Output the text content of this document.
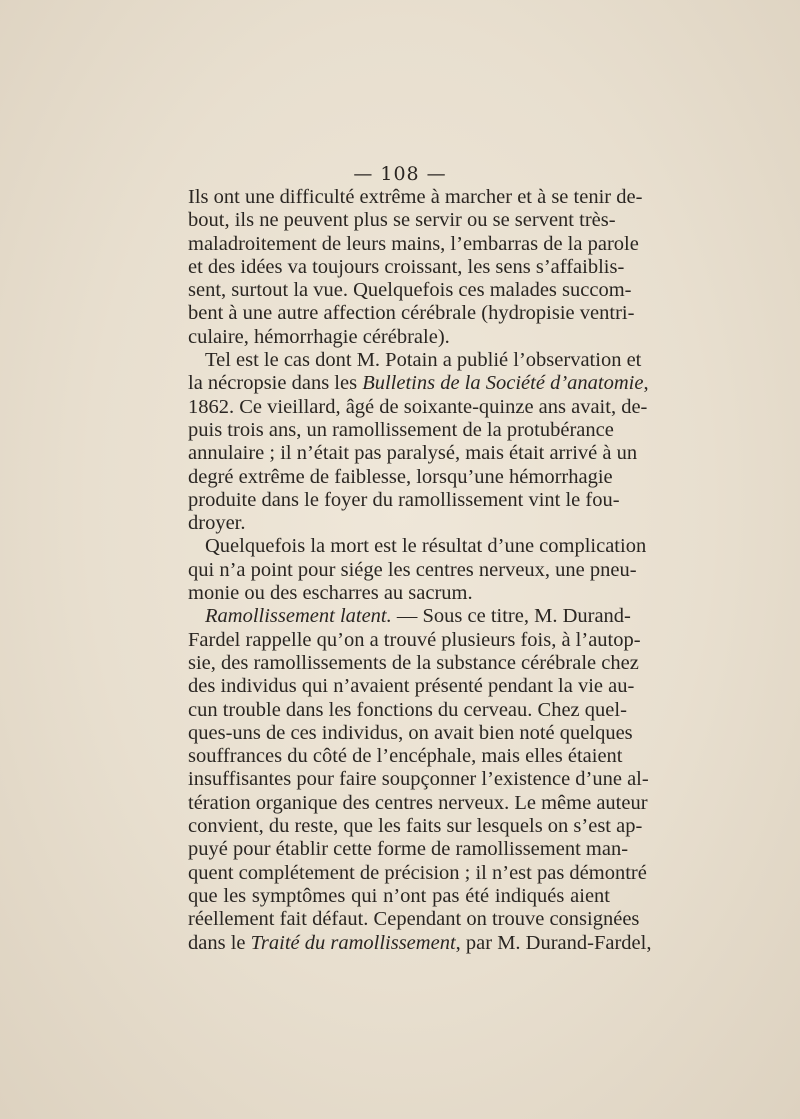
— 108 —
Ils ont une difficulté extrême à marcher et à se tenir de-
bout, ils ne peuvent plus se servir ou se servent très-
maladroitement de leurs mains, l’embarras de la parole
et des idées va toujours croissant, les sens s’affaiblis-
sent, surtout la vue. Quelquefois ces malades succom-
bent à une autre affection cérébrale (hydropisie ventri-
culaire, hémorrhagie cérébrale).
Tel est le cas dont M. Potain a publié l’observation et
la nécropsie dans les Bulletins de la Société d’anatomie,
1862. Ce vieillard, âgé de soixante-quinze ans avait, de-
puis trois ans, un ramollissement de la protubérance
annulaire ; il n’était pas paralysé, mais était arrivé à un
degré extrême de faiblesse, lorsqu’une hémorrhagie
produite dans le foyer du ramollissement vint le fou-
droyer.
Quelquefois la mort est le résultat d’une complication
qui n’a point pour siége les centres nerveux, une pneu-
monie ou des escharres au sacrum.
Ramollissement latent. — Sous ce titre, M. Durand-
Fardel rappelle qu’on a trouvé plusieurs fois, à l’autop-
sie, des ramollissements de la substance cérébrale chez
des individus qui n’avaient présenté pendant la vie au-
cun trouble dans les fonctions du cerveau. Chez quel-
ques-uns de ces individus, on avait bien noté quelques
souffrances du côté de l’encéphale, mais elles étaient
insuffisantes pour faire soupçonner l’existence d’une al-
tération organique des centres nerveux. Le même auteur
convient, du reste, que les faits sur lesquels on s’est ap-
puyé pour établir cette forme de ramollissement man-
quent complétement de précision ; il n’est pas démontré
que les symptômes qui n’ont pas été indiqués aient
réellement fait défaut. Cependant on trouve consignées
dans le Traité du ramollissement, par M. Durand-Fardel,
